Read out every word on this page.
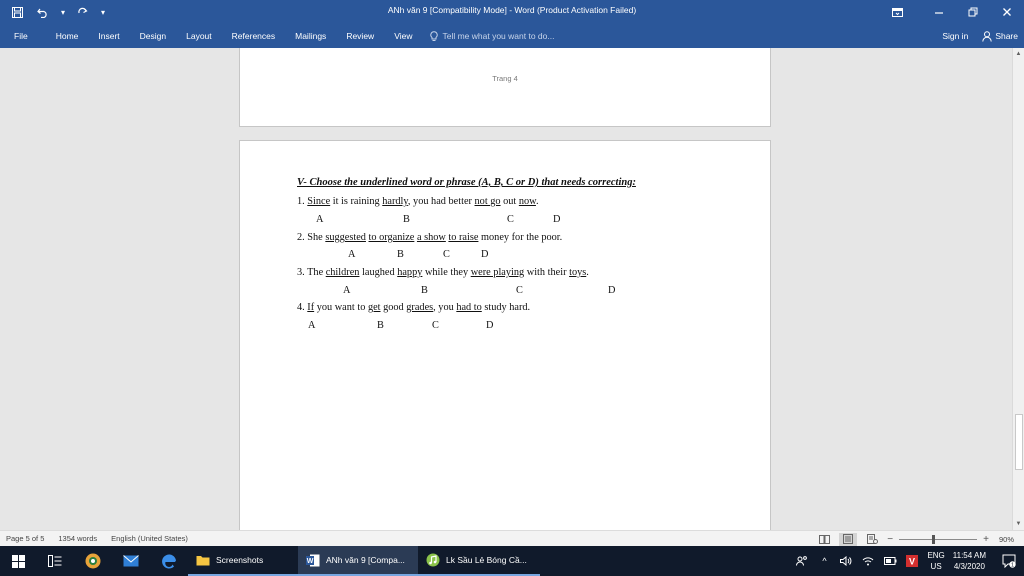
▾	▾	ANh văn 9 [Compatibility Mode] - Word (Product Activation Failed)
File	Home	Insert	Design	Layout	References	Mailings	Review	View	Tell me what you want to do...	Sign in	Share
Trang 4
V- Choose the underlined word or phrase (A, B, C or D) that needs correcting:
1. Since it is raining hardly, you had better not go out now.
A	B	C	D
2. She suggested to organize a show to raise money for the poor.
A	B	C	D
3. The children laughed happy while they were playing with their toys.
A	B	C	D
4. If you want to get good grades, you had to study hard.
A	B	C	D
▲
▼
Page 5 of 5 1354 words English (United States)	−	+ 90%
Screenshots	W ANh văn 9 [Compa...	Lk Sầu Lẻ Bóng Cầ...	^	V
ENG
US
11:54 AM
4/3/2020	1
